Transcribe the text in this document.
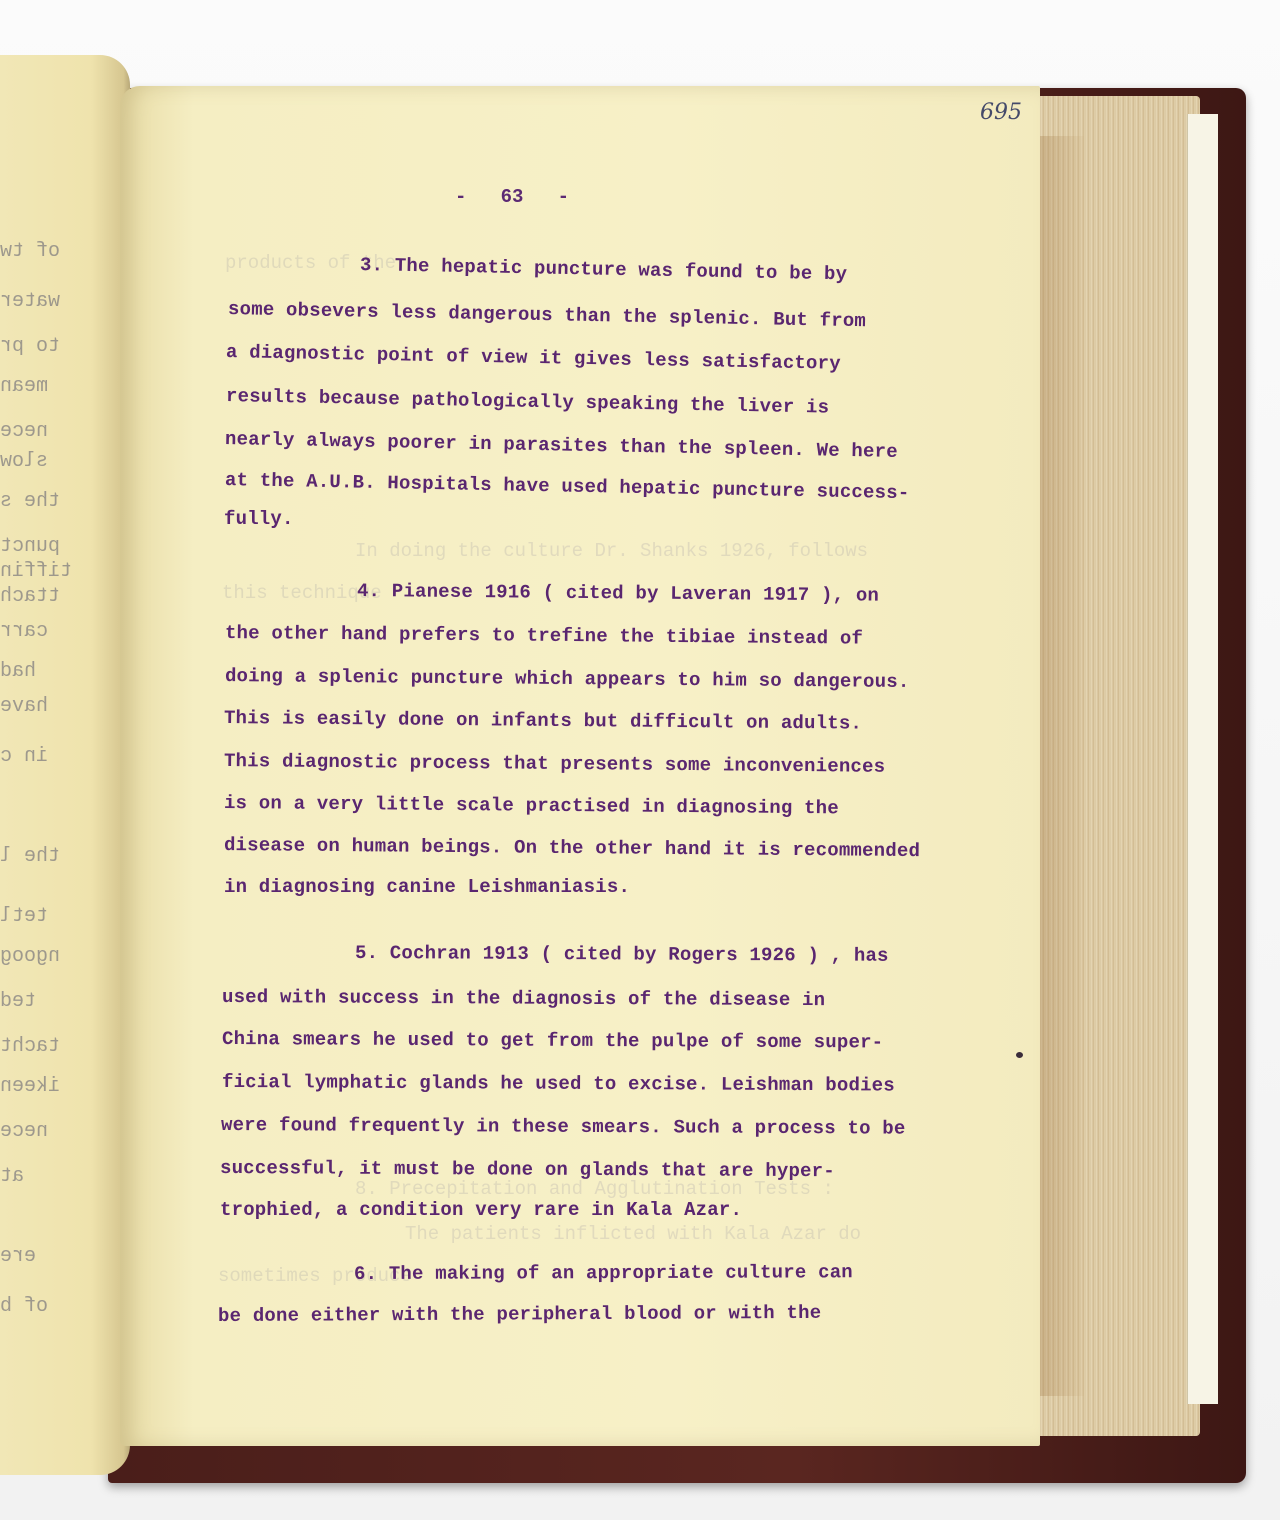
of tw
water
to pr
mean
nece
slow
the s
punct
tiffin
ttach
carr
had
have
in c
the l
tetl
ngoog
ted
tacht
ikeen
nece
at
ere
of b
products of the
In doing the culture Dr. Shanks 1926, follows
this technique
8. Precepitation and Agglutination Tests :
The patients inflicted with Kala Azar do
sometimes produce
695
-   63   -
3. The hepatic puncture was found to be by
some obsevers less dangerous than the splenic. But from
a diagnostic point of view it gives less satisfactory
results because pathologically speaking the liver is
nearly always poorer in parasites than the spleen. We here
at the A.U.B. Hospitals have used hepatic puncture success-
fully.
4. Pianese 1916 ( cited by Laveran 1917 ), on
the other hand prefers to trefine the tibiae instead of
doing a splenic puncture which appears to him so dangerous.
This is easily done on infants but difficult on adults.
This diagnostic process that presents some inconveniences
is on a very little scale practised in diagnosing the
disease on human beings. On the other hand it is recommended
in diagnosing canine Leishmaniasis.
5. Cochran 1913 ( cited by Rogers 1926 ) , has
used with success in the diagnosis of the disease in
China smears he used to get from the pulpe of some super-
ficial lymphatic glands he used to excise. Leishman bodies
were found frequently in these smears. Such a process to be
successful, it must be done on glands that are hyper-
trophied, a condition very rare in Kala Azar.
6. The making of an appropriate culture can
be done either with the peripheral blood or with the
